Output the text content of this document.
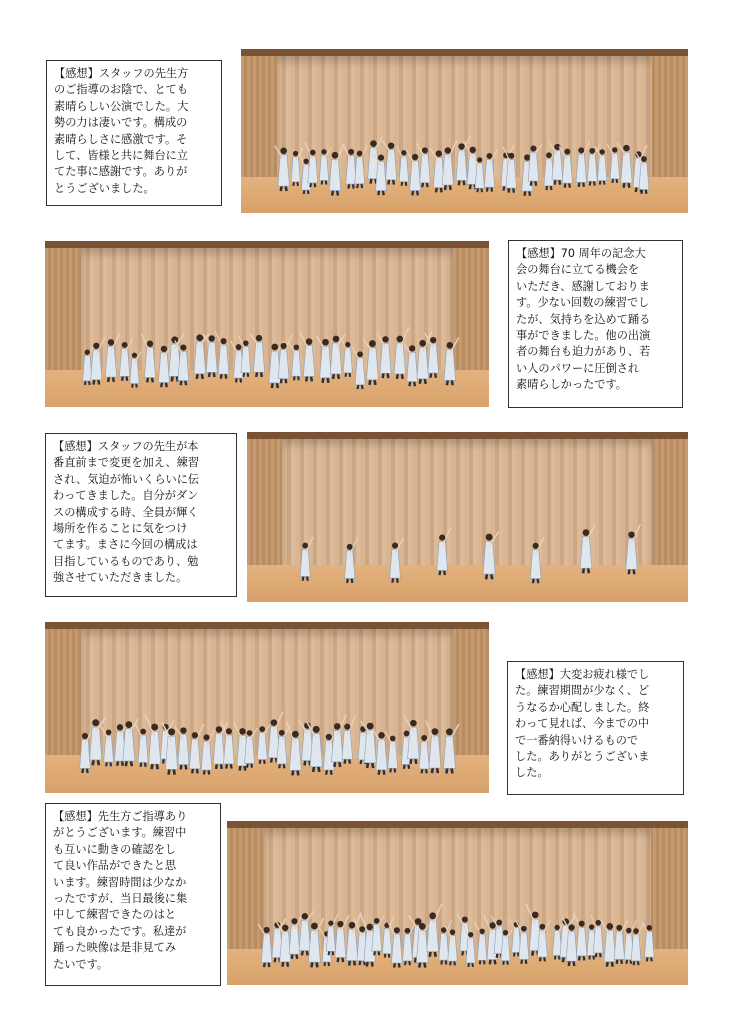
【感想】スタッフの先生方
のご指導のお陰で、とても
素晴らしい公演でした。大
勢の力は凄いです。構成の
素晴らしさに感激です。そ
して、皆様と共に舞台に立
てた事に感謝です。ありが
とうございました。
【感想】70 周年の記念大
会の舞台に立てる機会を
いただき、感謝しておりま
す。少ない回数の練習でし
たが、気持ちを込めて踊る
事ができました。他の出演
者の舞台も迫力があり、若
い人のパワーに圧倒され
素晴らしかったです。
【感想】スタッフの先生が本
番直前まで変更を加え、練習
され、気迫が怖いくらいに伝
わってきました。自分がダン
スの構成する時、全員が輝く
場所を作ることに気をつけ
てます。まさに今回の構成は
目指しているものであり、勉
強させていただきました。
【感想】大変お疲れ様でし
た。練習期間が少なく、ど
うなるか心配しました。終
わって見れば、今までの中
で一番納得いけるもので
した。ありがとうございま
した。
【感想】先生方ご指導あり
がとうございます。練習中
も互いに動きの確認をし
て良い作品ができたと思
います。練習時間は少なか
ったですが、当日最後に集
中して練習できたのはと
ても良かったです。私達が
踊った映像は是非見てみ
たいです。
